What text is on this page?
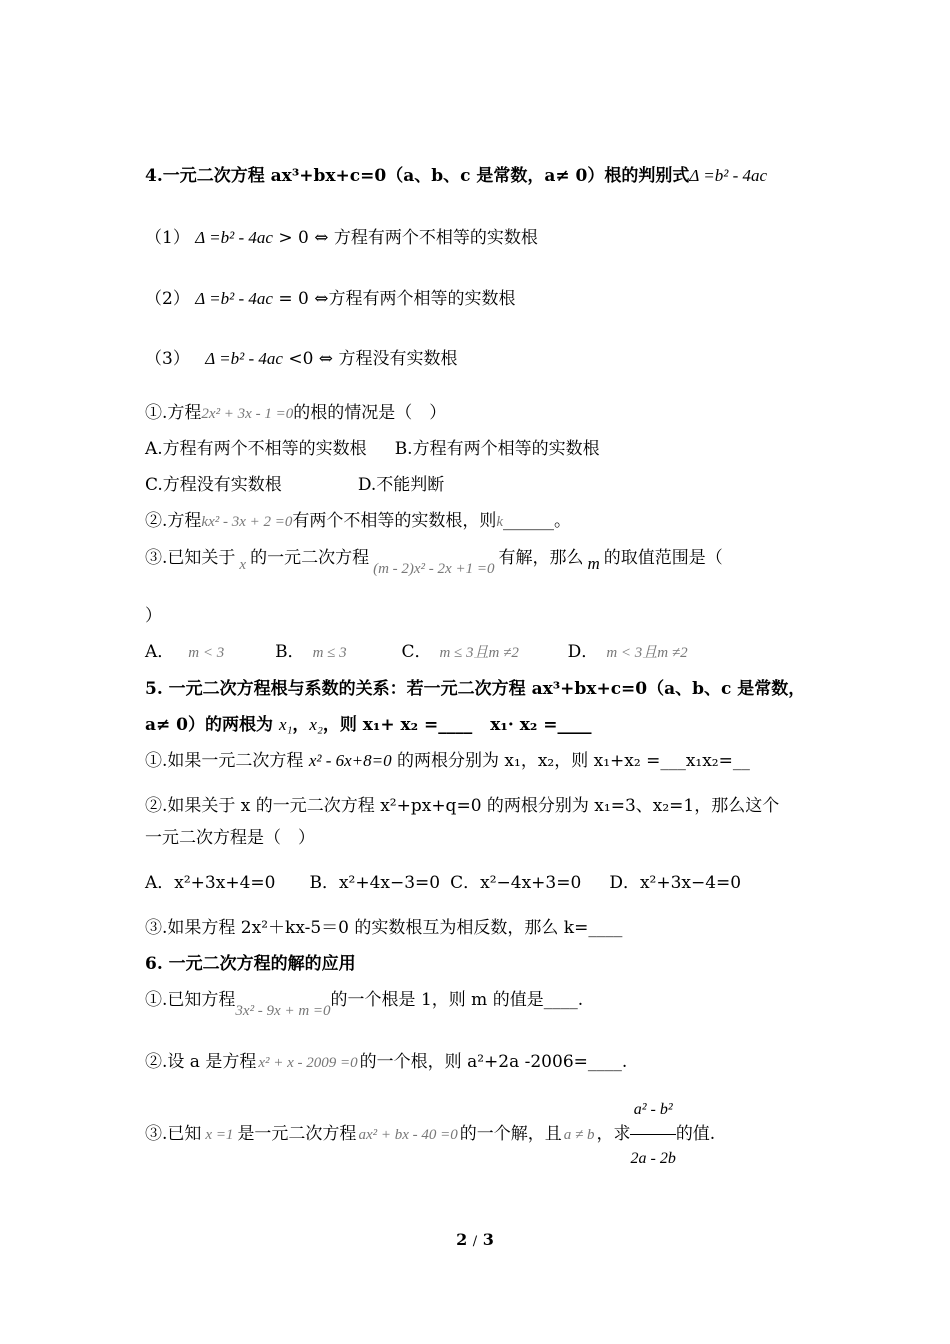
4.一元二次方程 ax³+bx+c=0（a、b、c 是常数，a≠ 0）根的判别式Δ =b² - 4ac
（1） Δ =b² - 4ac > 0 ⇔ 方程有两个不相等的实数根
（2） Δ =b² - 4ac = 0 ⇔方程有两个相等的实数根
（3） Δ =b² - 4ac <0 ⇔ 方程没有实数根
①.方程2x² + 3x - 1 =0的根的情况是（　）
A.方程有两个不相等的实数根 B.方程有两个相等的实数根
C.方程没有实数根	D.不能判断
②.方程kx² - 3x + 2 =0有两个不相等的实数根，则k______。
③.已知关于 x 的一元二次方程(m - 2)x² - 2x +1 =0有解，那么 m 的取值范围是（
）
A． m < 3	B． m ≤ 3	C． m ≤ 3且m ≠2	D． m < 3且m ≠2
5. 一元二次方程根与系数的关系：若一元二次方程 ax³+bx+c=0（a、b、c 是常数，
a≠ 0）的两根为 x₁，x₂，则 x₁+ x₂ =____ x₁· x₂ =____
①.如果一元二次方程 x² - 6x+8=0 的两根分别为 x₁，x₂，则 x₁+x₂ =___x₁x₂=__
②.如果关于 x 的一元二次方程 x²+px+q=0 的两根分别为 x₁=3、x₂=1，那么这个
一元二次方程是（　）
A．x²+3x+4=0 B．x²+4x−3=0 C．x²−4x+3=0 D．x²+3x−4=0
③.如果方程 2x²＋kx-5＝0 的实数根互为相反数，那么 k=____
6. 一元二次方程的解的应用
①.已知方程3x² - 9x + m =0的一个根是 1，则 m 的值是____.
②.设 a 是方程 x² + x - 2009 =0 的一个根，则 a²+2a -2006=____.
③.已知 x =1 是一元二次方程 ax² + bx - 40 =0 的一个解，且 a ≠ b ，求 $\frac{\text{a² - b²}}{2a - 2b}$ 的值.
2 / 3
